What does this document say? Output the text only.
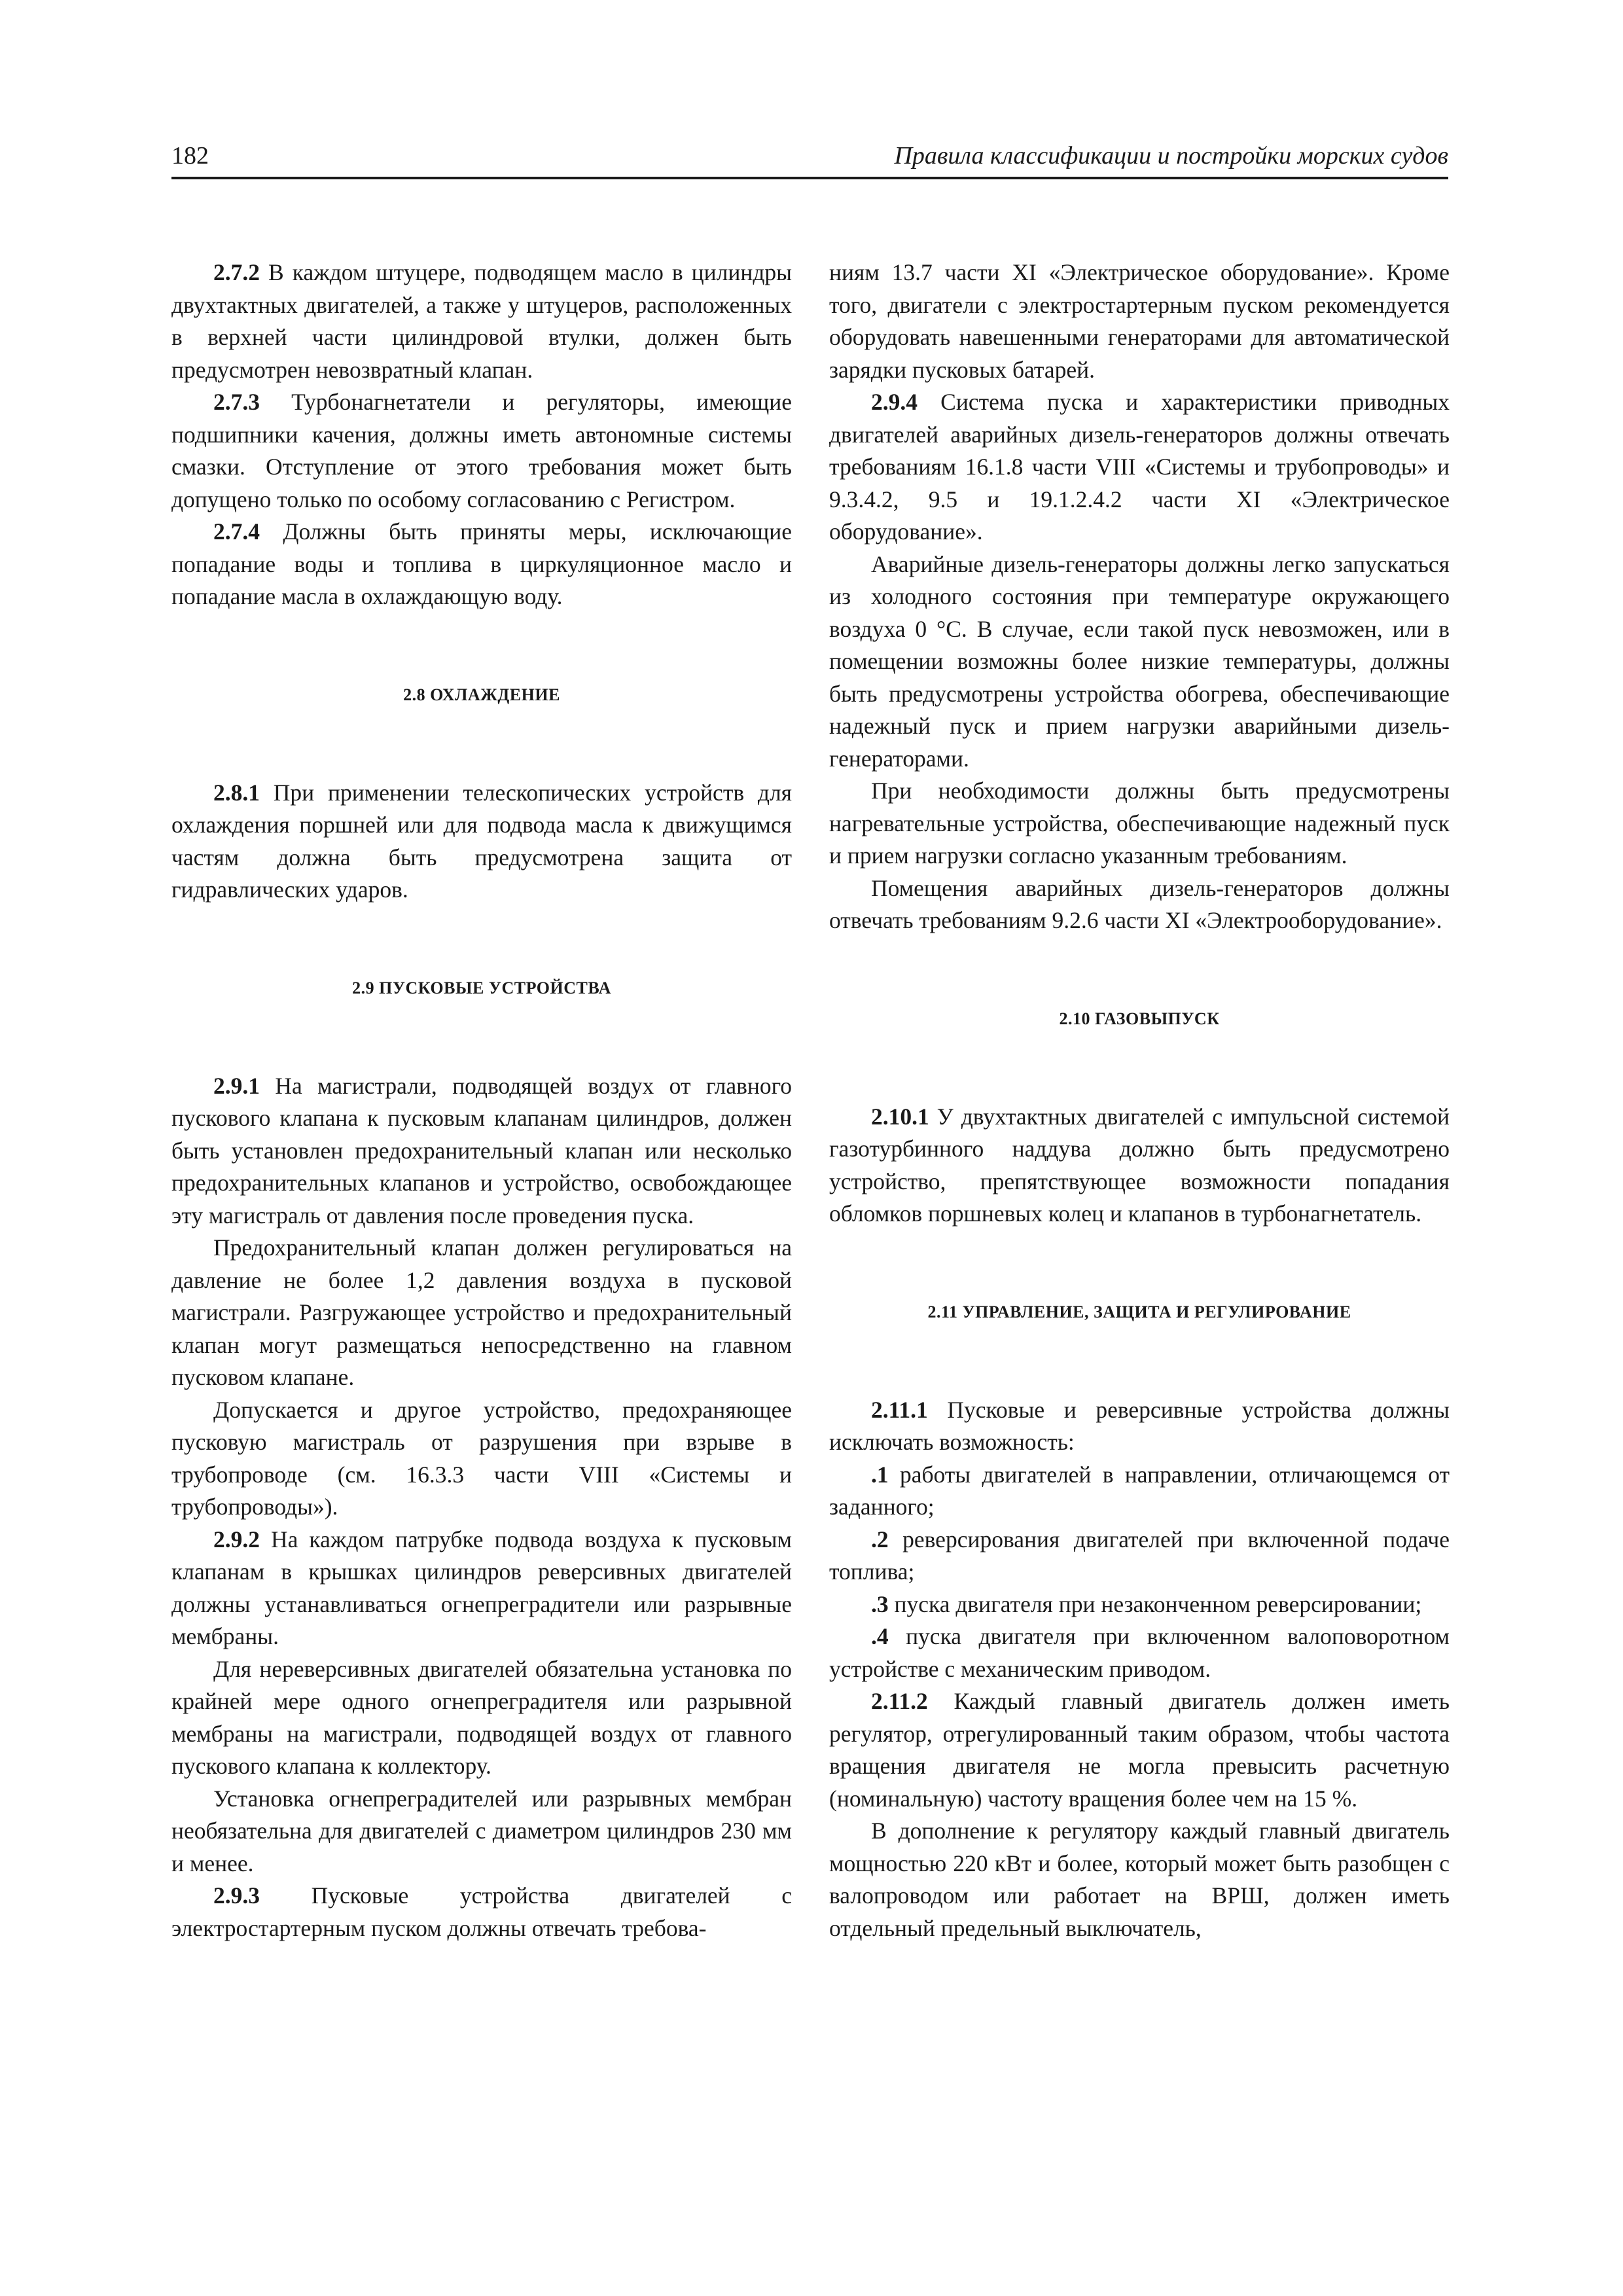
182	Правила классификации и постройки морских судов

2.7.2 В каждом штуцере, подводящем масло в цилиндры двухтактных двигателей, а также у штуцеров, расположенных в верхней части цилиндровой втулки, должен быть предусмотрен невозвратный клапан.

2.7.3 Турбонагнетатели и регуляторы, имеющие подшипники качения, должны иметь автономные системы смазки. Отступление от этого требования может быть допущено только по особому согласованию с Регистром.

2.7.4 Должны быть приняты меры, исключающие попадание воды и топлива в циркуляционное масло и попадание масла в охлаждающую воду.

2.8 ОХЛАЖДЕНИЕ

2.8.1 При применении телескопических устройств для охлаждения поршней или для подвода масла к движущимся частям должна быть предусмотрена защита от гидравлических ударов.

2.9 ПУСКОВЫЕ УСТРОЙСТВА

2.9.1 На магистрали, подводящей воздух от главного пускового клапана к пусковым клапанам цилиндров, должен быть установлен предохранительный клапан или несколько предохранительных клапанов и устройство, освобождающее эту магистраль от давления после проведения пуска.

Предохранительный клапан должен регулироваться на давление не более 1,2 давления воздуха в пусковой магистрали. Разгружающее устройство и предохранительный клапан могут размещаться непосредственно на главном пусковом клапане.

Допускается и другое устройство, предохраняющее пусковую магистраль от разрушения при взрыве в трубопроводе (см. 16.3.3 части VIII «Системы и трубопроводы»).

2.9.2 На каждом патрубке подвода воздуха к пусковым клапанам в крышках цилиндров реверсивных двигателей должны устанавливаться огнепреградители или разрывные мембраны.

Для нереверсивных двигателей обязательна установка по крайней мере одного огнепреградителя или разрывной мембраны на магистрали, подводящей воздух от главного пускового клапана к коллектору.

Установка огнепреградителей или разрывных мембран необязательна для двигателей с диаметром цилиндров 230 мм и менее.

2.9.3 Пусковые устройства двигателей с электростартерным пуском должны отвечать требова-

ниям 13.7 части XI «Электрическое оборудование». Кроме того, двигатели с электростартерным пуском рекомендуется оборудовать навешенными генераторами для автоматической зарядки пусковых батарей.

2.9.4 Система пуска и характеристики приводных двигателей аварийных дизель-генераторов должны отвечать требованиям 16.1.8 части VIII «Системы и трубопроводы» и 9.3.4.2, 9.5 и 19.1.2.4.2 части XI «Электрическое оборудование».

Аварийные дизель-генераторы должны легко запускаться из холодного состояния при температуре окружающего воздуха 0 °С. В случае, если такой пуск невозможен, или в помещении возможны более низкие температуры, должны быть предусмотрены устройства обогрева, обеспечивающие надежный пуск и прием нагрузки аварийными дизель-генераторами.

При необходимости должны быть предусмотрены нагревательные устройства, обеспечивающие надежный пуск и прием нагрузки согласно указанным требованиям.

Помещения аварийных дизель-генераторов должны отвечать требованиям 9.2.6 части XI «Электрооборудование».

2.10 ГАЗОВЫПУСК

2.10.1 У двухтактных двигателей с импульсной системой газотурбинного наддува должно быть предусмотрено устройство, препятствующее возможности попадания обломков поршневых колец и клапанов в турбонагнетатель.

2.11 УПРАВЛЕНИЕ, ЗАЩИТА И РЕГУЛИРОВАНИЕ

2.11.1 Пусковые и реверсивные устройства должны исключать возможность:

.1 работы двигателей в направлении, отличающемся от заданного;

.2 реверсирования двигателей при включенной подаче топлива;

.3 пуска двигателя при незаконченном реверсировании;

.4 пуска двигателя при включенном валоповоротном устройстве с механическим приводом.

2.11.2 Каждый главный двигатель должен иметь регулятор, отрегулированный таким образом, чтобы частота вращения двигателя не могла превысить расчетную (номинальную) частоту вращения более чем на 15 %.

В дополнение к регулятору каждый главный двигатель мощностью 220 кВт и более, который может быть разобщен с валопроводом или работает на ВРШ, должен иметь отдельный предельный выключатель,
